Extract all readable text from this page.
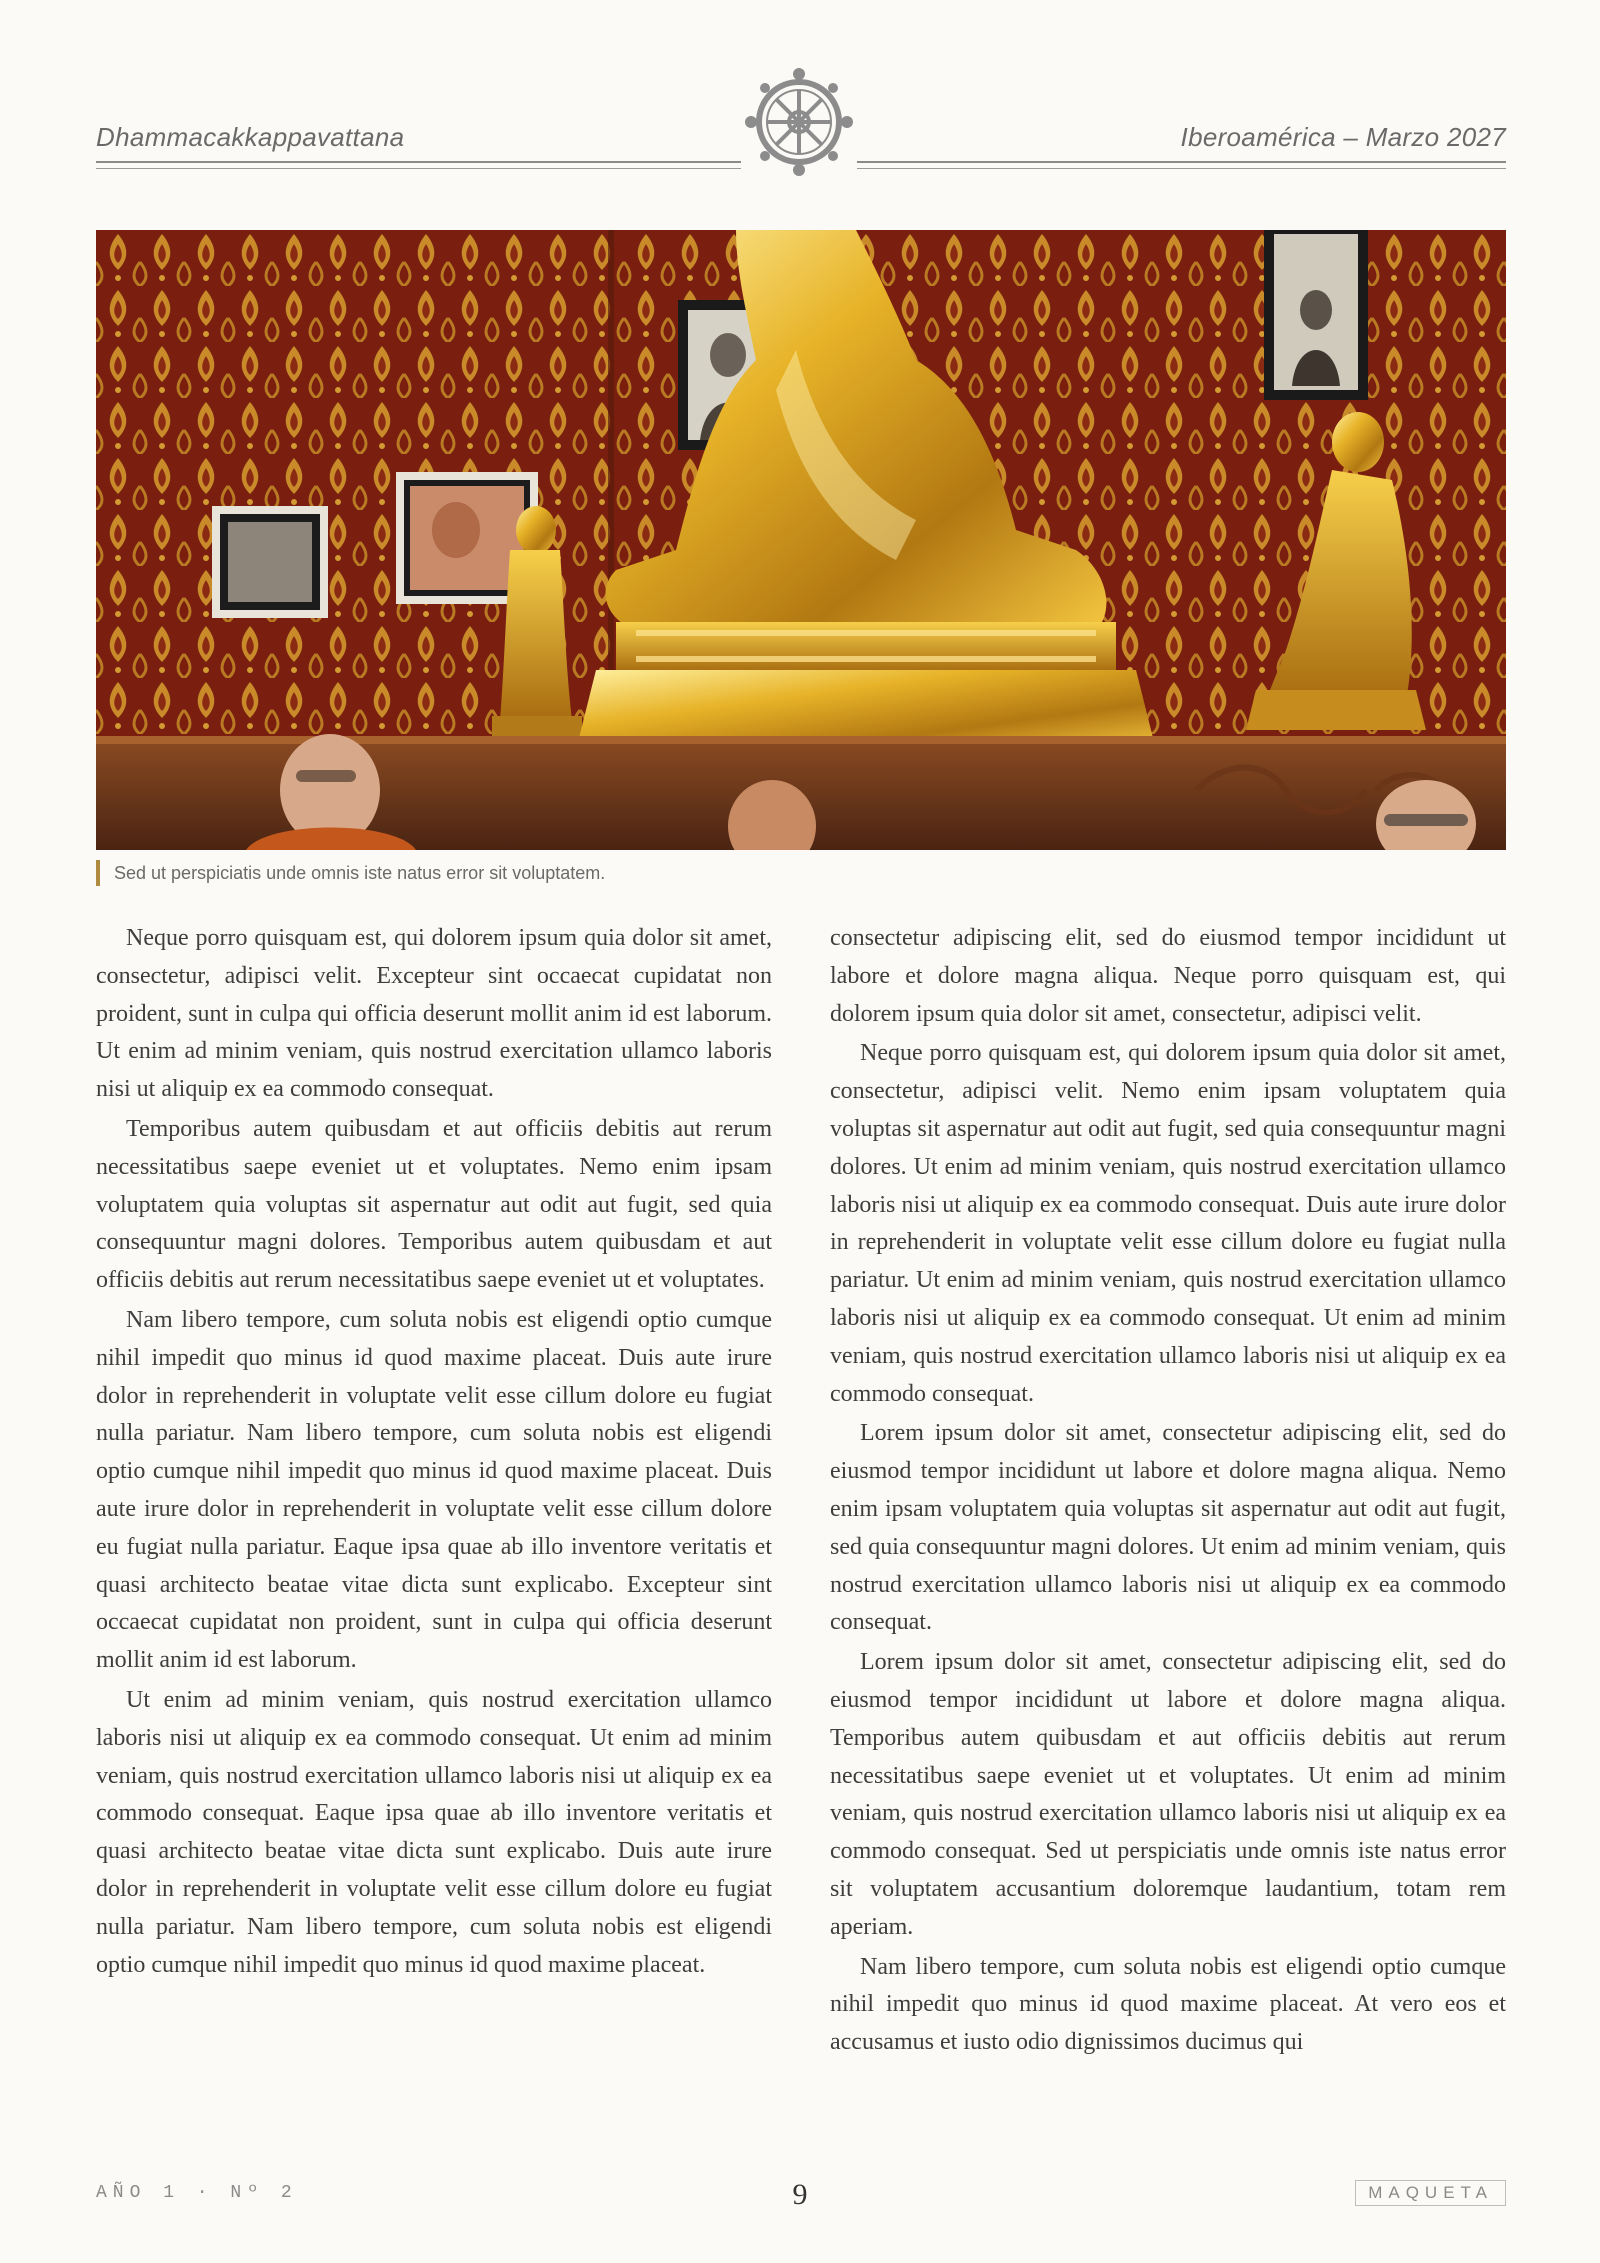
Dhammacakkappavattana	Iberoamérica – Marzo 2027
Sed ut perspiciatis unde omnis iste natus error sit voluptatem.

Neque porro quisquam est, qui dolorem ipsum quia dolor sit amet, consectetur, adipisci velit. Excepteur sint occaecat cupidatat non proident, sunt in culpa qui officia deserunt mollit anim id est laborum. Ut enim ad minim veniam, quis nostrud exercitation ullamco laboris nisi ut aliquip ex ea commodo consequat.

Temporibus autem quibusdam et aut officiis debitis aut rerum necessitatibus saepe eveniet ut et voluptates. Nemo enim ipsam voluptatem quia voluptas sit aspernatur aut odit aut fugit, sed quia consequuntur magni dolores. Temporibus autem quibusdam et aut officiis debitis aut rerum necessitatibus saepe eveniet ut et voluptates.

Nam libero tempore, cum soluta nobis est eligendi optio cumque nihil impedit quo minus id quod maxime placeat. Duis aute irure dolor in reprehenderit in voluptate velit esse cillum dolore eu fugiat nulla pariatur. Nam libero tempore, cum soluta nobis est eligendi optio cumque nihil impedit quo minus id quod maxime placeat. Duis aute irure dolor in reprehenderit in voluptate velit esse cillum dolore eu fugiat nulla pariatur. Eaque ipsa quae ab illo inventore veritatis et quasi architecto beatae vitae dicta sunt explicabo. Excepteur sint occaecat cupidatat non proident, sunt in culpa qui officia deserunt mollit anim id est laborum.

Ut enim ad minim veniam, quis nostrud exercitation ullamco laboris nisi ut aliquip ex ea commodo consequat. Ut enim ad minim veniam, quis nostrud exercitation ullamco laboris nisi ut aliquip ex ea commodo consequat. Eaque ipsa quae ab illo inventore veritatis et quasi architecto beatae vitae dicta sunt explicabo. Duis aute irure dolor in reprehenderit in voluptate velit esse cillum dolore eu fugiat nulla pariatur. Nam libero tempore, cum soluta nobis est eligendi optio cumque nihil impedit quo minus id quod maxime placeat.

consectetur adipiscing elit, sed do eiusmod tempor incididunt ut labore et dolore magna aliqua. Neque porro quisquam est, qui dolorem ipsum quia dolor sit amet, consectetur, adipisci velit.

Neque porro quisquam est, qui dolorem ipsum quia dolor sit amet, consectetur, adipisci velit. Nemo enim ipsam voluptatem quia voluptas sit aspernatur aut odit aut fugit, sed quia consequuntur magni dolores. Ut enim ad minim veniam, quis nostrud exercitation ullamco laboris nisi ut aliquip ex ea commodo consequat. Duis aute irure dolor in reprehenderit in voluptate velit esse cillum dolore eu fugiat nulla pariatur. Ut enim ad minim veniam, quis nostrud exercitation ullamco laboris nisi ut aliquip ex ea commodo consequat. Ut enim ad minim veniam, quis nostrud exercitation ullamco laboris nisi ut aliquip ex ea commodo consequat.

Lorem ipsum dolor sit amet, consectetur adipiscing elit, sed do eiusmod tempor incididunt ut labore et dolore magna aliqua. Nemo enim ipsam voluptatem quia voluptas sit aspernatur aut odit aut fugit, sed quia consequuntur magni dolores. Ut enim ad minim veniam, quis nostrud exercitation ullamco laboris nisi ut aliquip ex ea commodo consequat.

Lorem ipsum dolor sit amet, consectetur adipiscing elit, sed do eiusmod tempor incididunt ut labore et dolore magna aliqua. Temporibus autem quibusdam et aut officiis debitis aut rerum necessitatibus saepe eveniet ut et voluptates. Ut enim ad minim veniam, quis nostrud exercitation ullamco laboris nisi ut aliquip ex ea commodo consequat. Sed ut perspiciatis unde omnis iste natus error sit voluptatem accusantium doloremque laudantium, totam rem aperiam.

Nam libero tempore, cum soluta nobis est eligendi optio cumque nihil impedit quo minus id quod maxime placeat. At vero eos et accusamus et iusto odio dignissimos ducimus qui

AÑO 1 · Nº 2	9	MAQUETA
